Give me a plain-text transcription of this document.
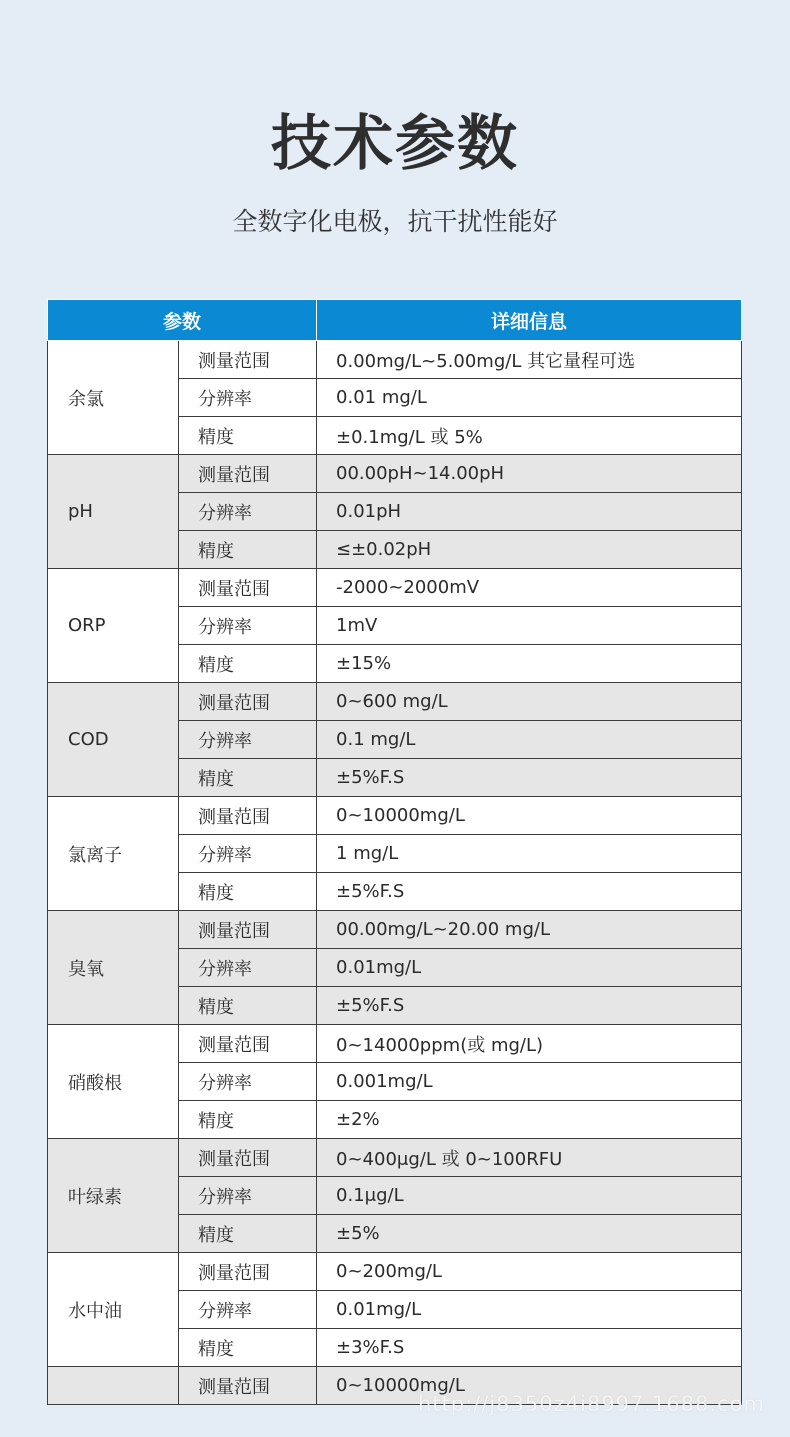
技术参数
全数字化电极，抗干扰性能好
参数		详细信息
余氯	测量范围	0.00mg/L~5.00mg/L 其它量程可选
	分辨率	0.01 mg/L
	精度	±0.1mg/L 或 5%
pH	测量范围	00.00pH~14.00pH
	分辨率	0.01pH
	精度	≤±0.02pH
ORP	测量范围	-2000~2000mV
	分辨率	1mV
	精度	±15%
COD	测量范围	0~600 mg/L
	分辨率	0.1 mg/L
	精度	±5%F.S
氯离子	测量范围	0~10000mg/L
	分辨率	1 mg/L
	精度	±5%F.S
臭氧	测量范围	00.00mg/L~20.00 mg/L
	分辨率	0.01mg/L
	精度	±5%F.S
硝酸根	测量范围	0~14000ppm(或 mg/L)
	分辨率	0.001mg/L
	精度	±2%
叶绿素	测量范围	0~400μg/L 或 0~100RFU
	分辨率	0.1μg/L
	精度	±5%
水中油	测量范围	0~200mg/L
	分辨率	0.01mg/L
	精度	±3%F.S
	测量范围	0~10000mg/L
http://j8350z4i8997.1688.com
